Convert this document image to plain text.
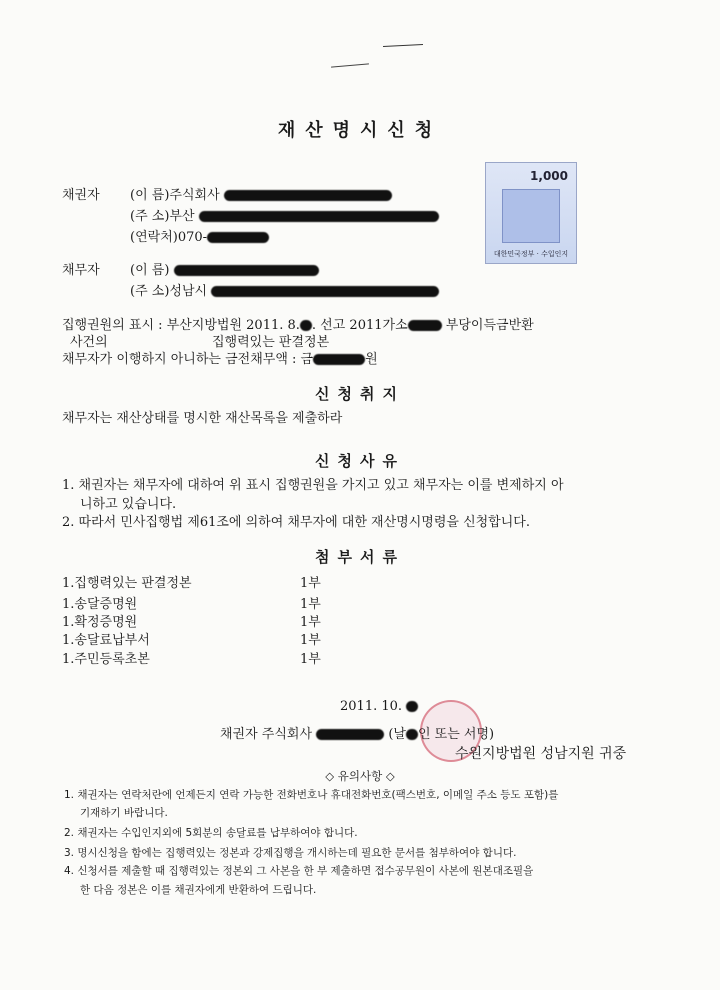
재산명시신청
1,000
대한민국정부 · 수입인지
채권자 (이 름)주식회사
(주 소)부산
(연락처)070-
채무자 (이 름)
(주 소)성남시
집행권원의 표시 : 부산지방법원 2011. 8. . 선고 2011가소	부당이득금반환
사건의	집행력있는 판결정본
채무자가 이행하지 아니하는 금전채무액 : 금	원
신청취지
채무자는 재산상태를 명시한 재산목록을 제출하라
신청사유
1. 채권자는 채무자에 대하여 위 표시 집행권원을 가지고 있고 채무자는 이를 변제하지 아
니하고 있습니다.
2. 따라서 민사집행법 제61조에 의하여 채무자에 대한 재산명시명령을 신청합니다.
첨부서류
1.집행력있는 판결정본	1부
1.송달증명원	1부
1.확정증명원	1부
1.송달료납부서	1부
1.주민등록초본	1부
2011. 10.
채권자 주식회사	(날 인 또는 서명)
수원지방법원 성남지원 귀중
◇ 유의사항 ◇
1. 채권자는 연락처란에 언제든지 연락 가능한 전화번호나 휴대전화번호(팩스번호, 이메일 주소 등도 포함)를
기재하기 바랍니다.
2. 채권자는 수입인지외에 5회분의 송달료를 납부하여야 합니다.
3. 명시신청을 함에는 집행력있는 정본과 강제집행을 개시하는데 필요한 문서를 첨부하여야 합니다.
4. 신청서를 제출할 때 집행력있는 정본외 그 사본을 한 부 제출하면 접수공무원이 사본에 원본대조필을
한 다음 정본은 이를 채권자에게 반환하여 드립니다.
